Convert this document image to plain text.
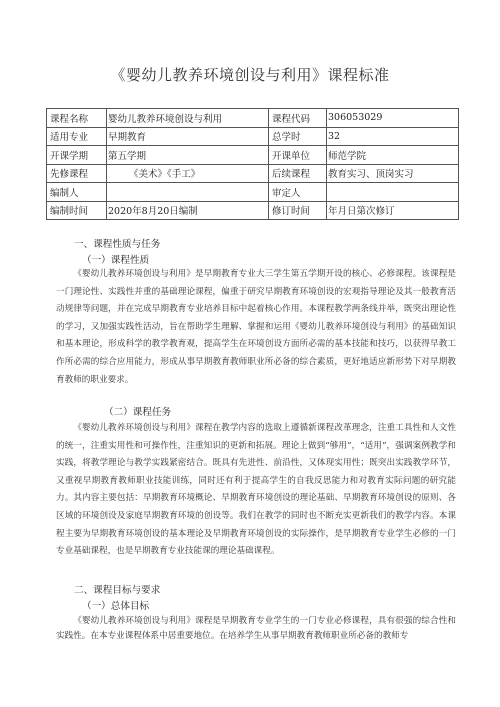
《婴幼儿教养环境创设与利用》课程标准
课程名称	婴幼儿教养环境创设与利用	课程代码	306053029
适用专业	早期教育	总学时	32
开课学期	第五学期	开课单位	师范学院
先修课程	《美术》《手工》	后续课程	教育实习、顶岗实习
编制人		审定人	
编制时间	2020年8月20日编制	修订时间	年月日第次修订
一、课程性质与任务
（一）课程性质
《婴幼儿教养环境创设与利用》是早期教育专业大三学生第五学期开设的核心、必修课程。该课程是一门理论性、实践性并重的基础理论课程，偏重于研究早期教育环境创设的宏观指导理论及其一般教育活动规律等问题，并在完成早期教育专业培养目标中起着核心作用。本课程教学两条线并举，既突出理论性的学习，又加强实践性活动，旨在帮助学生理解、掌握和运用《婴幼儿教养环境创设与利用》的基础知识和基本理论，形成科学的教学教育观，提高学生在环境创设方面所必需的基本技能和技巧，以获得早教工作所必需的综合应用能力，形成从事早期教育教师职业所必备的综合素质，更好地适应新形势下对早期教育教师的职业要求。
（二）课程任务
《婴幼儿教养环境创设与利用》课程在教学内容的选取上遵循新课程改革理念，注重工具性和人文性的统一，注重实用性和可操作性，注重知识的更新和拓展。理论上做到“够用”，“适用”，强调案例教学和实践，将教学理论与教学实践紧密结合。既具有先进性、前沿性，又体现实用性；既突出实践教学环节，又重视早期教育教师职业技能训练，同时还有利于提高学生的自我反思能力和对教育实际问题的研究能力。其内容主要包括：早期教育环境概论、早期教育环境创设的理论基础、早期教育环境创设的原则、各区域的环境创设及家庭早期教育环境的创设等。我们在教学的同时也不断充实更新我们的教学内容。本课程主要为早期教育环境创设的基本理论及早期教育环境创设的实际操作，是早期教育专业学生必修的一门专业基础课程，也是早期教育专业技能课的理论基础课程。
二、课程目标与要求
（一）总体目标
《婴幼儿教养环境创设与利用》课程是早期教育专业学生的一门专业必修课程，具有很强的综合性和实践性。在本专业课程体系中居重要地位。在培养学生从事早期教育教师职业所必备的教师专
